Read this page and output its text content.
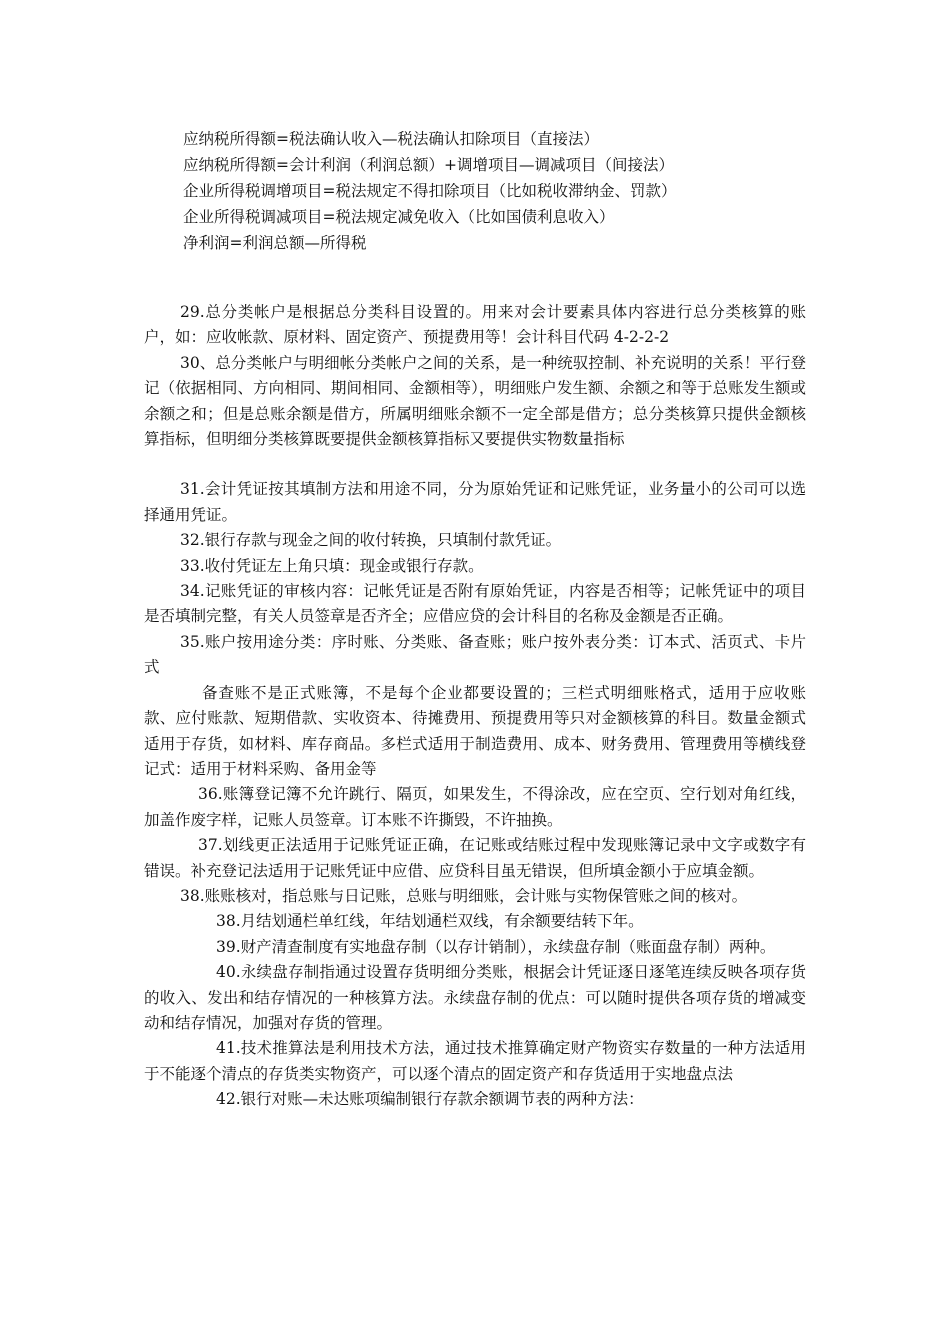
应纳税所得额=税法确认收入—税法确认扣除项目（直接法）
应纳税所得额=会计利润（利润总额）+调增项目—调减项目（间接法）
企业所得税调增项目=税法规定不得扣除项目（比如税收滞纳金、罚款）
企业所得税调减项目=税法规定减免收入（比如国债利息收入）
净利润=利润总额—所得税
29.总分类帐户是根据总分类科目设置的。用来对会计要素具体内容进行总分类核算的账户，如：应收帐款、原材料、固定资产、预提费用等！会计科目代码 4-2-2-2
30、总分类帐户与明细帐分类帐户之间的关系，是一种统驭控制、补充说明的关系！平行登记（依据相同、方向相同、期间相同、金额相等），明细账户发生额、余额之和等于总账发生额或余额之和；但是总账余额是借方，所属明细账余额不一定全部是借方；总分类核算只提供金额核算指标，但明细分类核算既要提供金额核算指标又要提供实物数量指标
31.会计凭证按其填制方法和用途不同，分为原始凭证和记账凭证，业务量小的公司可以选择通用凭证。
32.银行存款与现金之间的收付转换，只填制付款凭证。
33.收付凭证左上角只填：现金或银行存款。
34.记账凭证的审核内容：记帐凭证是否附有原始凭证，内容是否相等；记帐凭证中的项目是否填制完整，有关人员签章是否齐全；应借应贷的会计科目的名称及金额是否正确。
35.账户按用途分类：序时账、分类账、备查账；账户按外表分类：订本式、活页式、卡片式
备查账不是正式账簿，不是每个企业都要设置的；三栏式明细账格式，适用于应收账款、应付账款、短期借款、实收资本、待摊费用、预提费用等只对金额核算的科目。数量金额式适用于存货，如材料、库存商品。多栏式适用于制造费用、成本、财务费用、管理费用等横线登记式：适用于材料采购、备用金等
36.账簿登记簿不允许跳行、隔页，如果发生，不得涂改，应在空页、空行划对角红线，加盖作废字样，记账人员签章。订本账不许撕毁，不许抽换。
37.划线更正法适用于记账凭证正确，在记账或结账过程中发现账簿记录中文字或数字有错误。补充登记法适用于记账凭证中应借、应贷科目虽无错误，但所填金额小于应填金额。
38.账账核对，指总账与日记账，总账与明细账，会计账与实物保管账之间的核对。
38.月结划通栏单红线，年结划通栏双线，有余额要结转下年。
39.财产清查制度有实地盘存制（以存计销制），永续盘存制（账面盘存制）两种。
40.永续盘存制指通过设置存货明细分类账，根据会计凭证逐日逐笔连续反映各项存货的收入、发出和结存情况的一种核算方法。永续盘存制的优点：可以随时提供各项存货的增减变动和结存情况，加强对存货的管理。
41.技术推算法是利用技术方法，通过技术推算确定财产物资实存数量的一种方法适用于不能逐个清点的存货类实物资产，可以逐个清点的固定资产和存货适用于实地盘点法
42.银行对账—未达账项编制银行存款余额调节表的两种方法：
